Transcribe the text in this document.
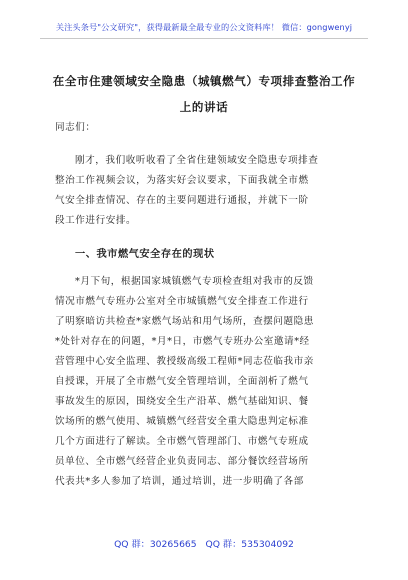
关注头条号"公文研究"，获得最新最全最专业的公文资料库！ 微信：gongwenyj
在全市住建领域安全隐患（城镇燃气）专项排查整治工作
上的讲话
同志们：
刚才，我们收听收看了全省住建领域安全隐患专项排查
整治工作视频会议，为落实好会议要求，下面我就全市燃
气安全排查情况、存在的主要问题进行通报，并就下一阶
段工作进行安排。
一、我市燃气安全存在的现状
*月下旬，根据国家城镇燃气专项检查组对我市的反馈
情况市燃气专班办公室对全市城镇燃气安全排查工作进行
了明察暗访共检查*家燃气场站和用气场所，查摆问题隐患
*处针对存在的问题，*月*日，市燃气专班办公室邀请*经
营管理中心安全监理、教授级高级工程师*同志莅临我市亲
自授课，开展了全市燃气安全管理培训，全面剖析了燃气
事故发生的原因，围绕安全生产沿革、燃气基础知识、餐
饮场所的燃气使用、城镇燃气经营安全重大隐患判定标准
几个方面进行了解读。全市燃气管理部门、市燃气专班成
员单位、全市燃气经营企业负责同志、部分餐饮经营场所
代表共*多人参加了培训，通过培训，进一步明确了各部
QQ 群：30265665 QQ 群：535304092
